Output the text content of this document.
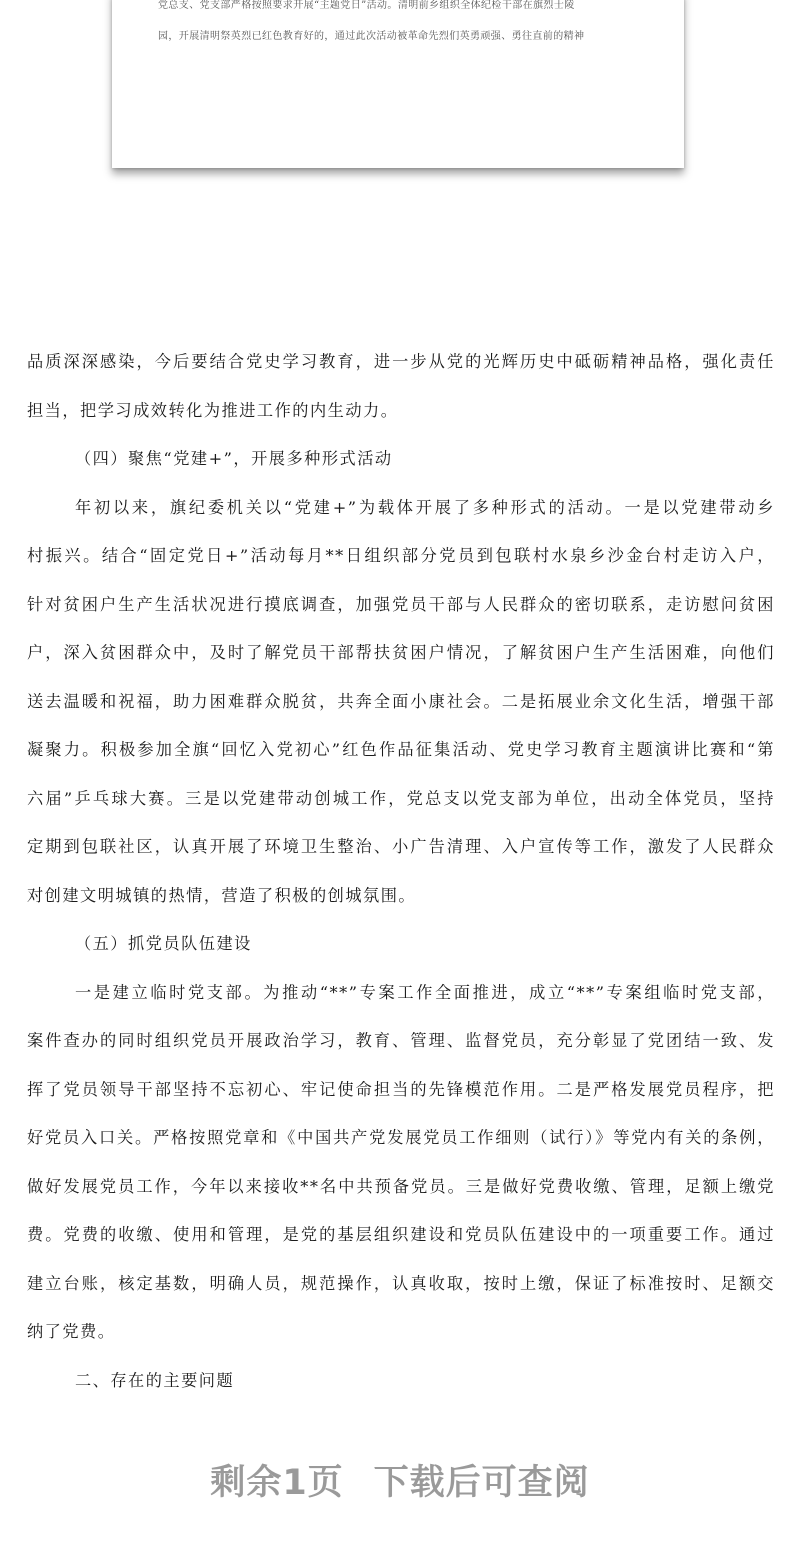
党总支、党支部严格按照要求开展“主题党日”活动。清明前乡组织全体纪检干部在旗烈士陵
园，开展清明祭英烈已红色教育好的，通过此次活动被革命先烈们英勇顽强、勇往直前的精神
品质深深感染，今后要结合党史学习教育，进一步从党的光辉历史中砥砺精神品格，强化责任
担当，把学习成效转化为推进工作的内生动力。
（四）聚焦“党建+”，开展多种形式活动
年初以来，旗纪委机关以“党建+”为载体开展了多种形式的活动。一是以党建带动乡
村振兴。结合“固定党日+”活动每月**日组织部分党员到包联村水泉乡沙金台村走访入户，
针对贫困户生产生活状况进行摸底调查，加强党员干部与人民群众的密切联系，走访慰问贫困
户，深入贫困群众中，及时了解党员干部帮扶贫困户情况，了解贫困户生产生活困难，向他们
送去温暖和祝福，助力困难群众脱贫，共奔全面小康社会。二是拓展业余文化生活，增强干部
凝聚力。积极参加全旗“回忆入党初心”红色作品征集活动、党史学习教育主题演讲比赛和“第
六届”乒乓球大赛。三是以党建带动创城工作，党总支以党支部为单位，出动全体党员，坚持
定期到包联社区，认真开展了环境卫生整治、小广告清理、入户宣传等工作，激发了人民群众
对创建文明城镇的热情，营造了积极的创城氛围。
（五）抓党员队伍建设
一是建立临时党支部。为推动“**”专案工作全面推进，成立“**”专案组临时党支部，
案件查办的同时组织党员开展政治学习，教育、管理、监督党员，充分彰显了党团结一致、发
挥了党员领导干部坚持不忘初心、牢记使命担当的先锋模范作用。二是严格发展党员程序，把
好党员入口关。严格按照党章和《中国共产党发展党员工作细则（试行）》等党内有关的条例，
做好发展党员工作，今年以来接收**名中共预备党员。三是做好党费收缴、管理，足额上缴党
费。党费的收缴、使用和管理，是党的基层组织建设和党员队伍建设中的一项重要工作。通过
建立台账，核定基数，明确人员，规范操作，认真收取，按时上缴，保证了标准按时、足额交
纳了党费。
二、存在的主要问题
剩余1页 下载后可查阅
